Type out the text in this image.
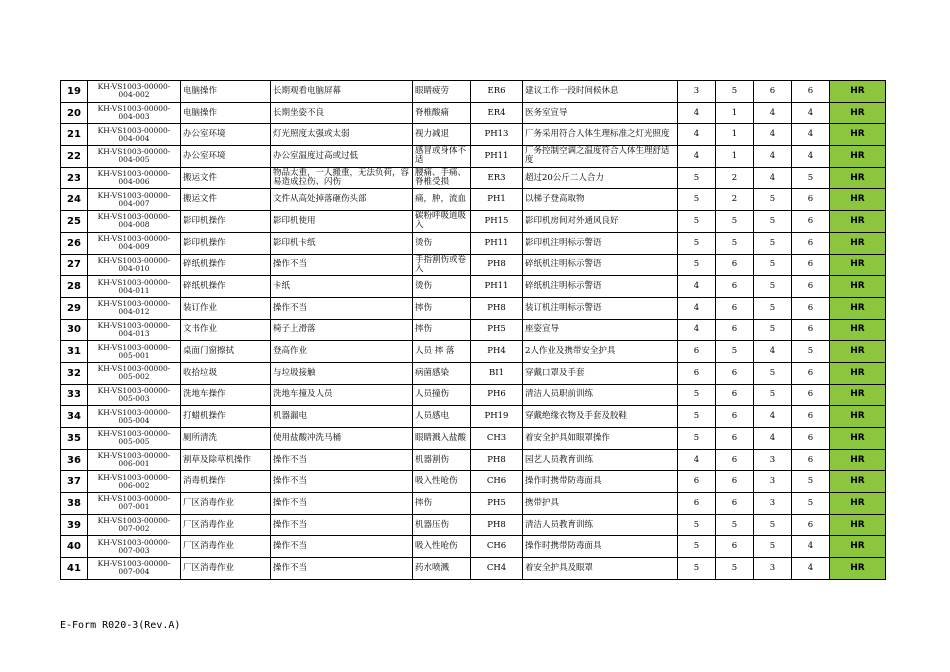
19	KH-VS1003-00000-004-002	电脑操作	长期观看电脑屏幕	眼睛疲劳	ER6	建议工作一段时间候休息	3	5	6	6	HR
20	KH-VS1003-00000-004-003	电脑操作	长期坐姿不良	脊椎酸痛	ER4	医务室宣导	4	1	4	4	HR
21	KH-VS1003-00000-004-004	办公室环境	灯光照度太强或太弱	视力减退	PH13	厂务采用符合人体生理标准之灯光照度	4	1	4	4	HR
22	KH-VS1003-00000-004-005	办公室环境	办公室温度过高或过低	感冒或身体不适	PH11	厂务控制空调之温度符合人体生理舒适度	4	1	4	4	HR
23	KH-VS1003-00000-004-006	搬运文件	物品太重，一人搬重，无法负荷，容易造成拉伤、闪伤	腰痛、手痛、脊椎受损	ER3	超过20公斤二人合力	5	2	4	5	HR
24	KH-VS1003-00000-004-007	搬运文件	文件从高处掉落砸伤头部	痛，肿，流血	PH1	以梯子登高取物	5	2	5	6	HR
25	KH-VS1003-00000-004-008	影印机操作	影印机使用	碳粉呼吸道吸入	PH15	影印机房间对外通风良好	5	5	5	6	HR
26	KH-VS1003-00000-004-009	影印机操作	影印机卡纸	烫伤	PH11	影印机注明标示警语	5	5	5	6	HR
27	KH-VS1003-00000-004-010	碎纸机操作	操作不当	手指割伤或卷入	PH8	碎纸机注明标示警语	5	6	5	6	HR
28	KH-VS1003-00000-004-011	碎纸机操作	卡纸	烫伤	PH11	碎纸机注明标示警语	4	6	5	6	HR
29	KH-VS1003-00000-004-012	装订作业	操作不当	摔伤	PH8	装订机注明标示警语	4	6	5	6	HR
30	KH-VS1003-00000-004-013	文书作业	椅子上滑落	摔伤	PH5	座姿宣导	4	6	5	6	HR
31	KH-VS1003-00000-005-001	桌面门窗擦拭	登高作业	人员 摔 落	PH4	2人作业及携带安全护具	6	5	4	5	HR
32	KH-VS1003-00000-005-002	收拾垃圾	与垃圾接触	病菌感染	BI1	穿戴口罩及手套	6	6	5	6	HR
33	KH-VS1003-00000-005-003	洗地车操作	洗地车撞及人员	人员撞伤	PH6	清洁人员职前训练	5	6	5	6	HR
34	KH-VS1003-00000-005-004	打蜡机操作	机器漏电	人员感电	PH19	穿戴绝缘衣物及手套及胶鞋	5	6	4	6	HR
35	KH-VS1003-00000-005-005	厕所清洗	使用盐酸冲洗马桶	眼睛溅入盐酸	CH3	着安全护具如眼罩操作	5	6	4	6	HR
36	KH-VS1003-00000-006-001	割草及除草机操作	操作不当	机器割伤	PH8	园艺人员教育训练	4	6	3	6	HR
37	KH-VS1003-00000-006-002	消毒机操作	操作不当	吸入性呛伤	CH6	操作时携带防毒面具	6	6	3	5	HR
38	KH-VS1003-00000-007-001	厂区消毒作业	操作不当	摔伤	PH5	携带护具	6	6	3	5	HR
39	KH-VS1003-00000-007-002	厂区消毒作业	操作不当	机器压伤	PH8	清洁人员教育训练	5	5	5	6	HR
40	KH-VS1003-00000-007-003	厂区消毒作业	操作不当	吸入性呛伤	CH6	操作时携带防毒面具	5	6	5	4	HR
41	KH-VS1003-00000-007-004	厂区消毒作业	操作不当	药水喷溅	CH4	着安全护具及眼罩	5	5	3	4	HR
E-Form R020-3(Rev.A)
